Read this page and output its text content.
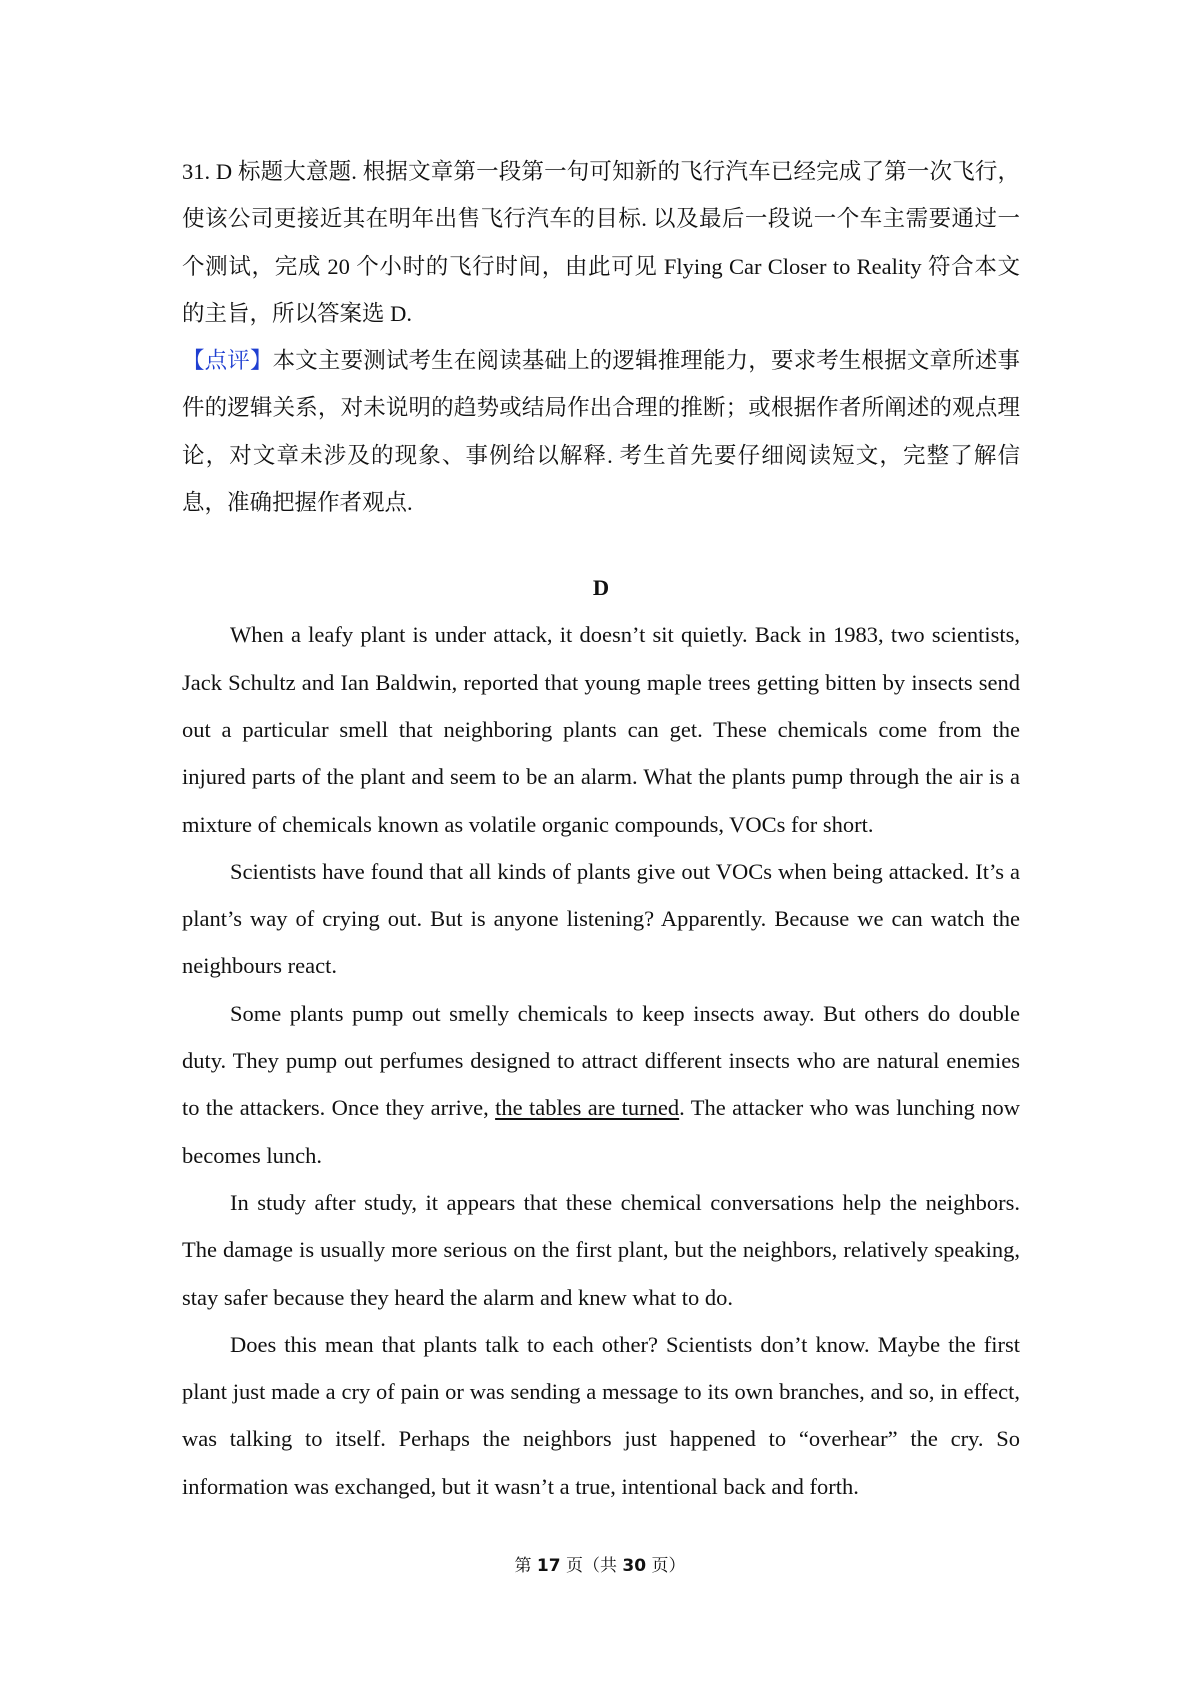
31. D 标题大意题. 根据文章第一段第一句可知新的飞行汽车已经完成了第一次飞行，使该公司更接近其在明年出售飞行汽车的目标. 以及最后一段说一个车主需要通过一个测试，完成 20 个小时的飞行时间，由此可见 Flying Car Closer to Reality 符合本文的主旨，所以答案选 D.

【点评】本文主要测试考生在阅读基础上的逻辑推理能力，要求考生根据文章所述事件的逻辑关系，对未说明的趋势或结局作出合理的推断；或根据作者所阐述的观点理论，对文章未涉及的现象、事例给以解释. 考生首先要仔细阅读短文，完整了解信息，准确把握作者观点.

D

When a leafy plant is under attack, it doesn’t sit quietly. Back in 1983, two scientists, Jack Schultz and Ian Baldwin, reported that young maple trees getting bitten by insects send out a particular smell that neighboring plants can get. These chemicals come from the injured parts of the plant and seem to be an alarm. What the plants pump through the air is a mixture of chemicals known as volatile organic compounds, VOCs for short.

Scientists have found that all kinds of plants give out VOCs when being attacked. It’s a plant’s way of crying out. But is anyone listening? Apparently. Because we can watch the neighbours react.

Some plants pump out smelly chemicals to keep insects away. But others do double duty. They pump out perfumes designed to attract different insects who are natural enemies to the attackers. Once they arrive, the tables are turned. The attacker who was lunching now becomes lunch.

In study after study, it appears that these chemical conversations help the neighbors. The damage is usually more serious on the first plant, but the neighbors, relatively speaking, stay safer because they heard the alarm and knew what to do.

Does this mean that plants talk to each other? Scientists don’t know. Maybe the first plant just made a cry of pain or was sending a message to its own branches, and so, in effect, was talking to itself. Perhaps the neighbors just happened to “overhear” the cry. So information was exchanged, but it wasn’t a true, intentional back and forth.

第 17 页（共 30 页）
